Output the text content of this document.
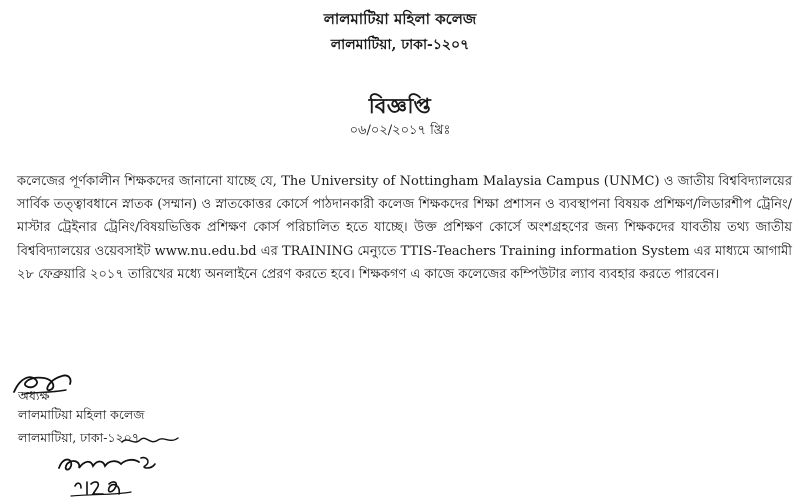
লালমাটিয়া মহিলা কলেজ
লালমাটিয়া, ঢাকা-১২০৭
বিজ্ঞপ্তি
০৬/০২/২০১৭ খ্রিঃ

কলেজের পূর্ণকালীন শিক্ষকদের জানানো যাচ্ছে যে, The University of Nottingham Malaysia Campus (UNMC) ও জাতীয় বিশ্ববিদ্যালয়ের সার্বিক তত্ত্বাবধানে স্নাতক (সম্মান) ও স্নাতকোত্তর কোর্সে পাঠদানকারী কলেজ শিক্ষকদের শিক্ষা প্রশাসন ও ব্যবস্থাপনা বিষয়ক প্রশিক্ষণ/লিডারশীপ ট্রেনিং/মাস্টার ট্রেইনার ট্রেনিং/বিষয়ভিত্তিক প্রশিক্ষণ কোর্স পরিচালিত হতে যাচ্ছে। উক্ত প্রশিক্ষণ কোর্সে অংশগ্রহণের জন্য শিক্ষকদের যাবতীয় তথ্য জাতীয় বিশ্ববিদ্যালয়ের ওয়েবসাইট www.nu.edu.bd এর TRAINING মেন্যুতে TTIS-Teachers Training information System এর মাধ্যমে আগামী ২৮ ফেব্রুয়ারি ২০১৭ তারিখের মধ্যে অনলাইনে প্রেরণ করতে হবে। শিক্ষকগণ এ কাজে কলেজের কম্পিউটার ল্যাব ব্যবহার করতে পারবেন।

অধ্যক্ষ
লালমাটিয়া মহিলা কলেজ
লালমাটিয়া, ঢাকা-১২০৭
